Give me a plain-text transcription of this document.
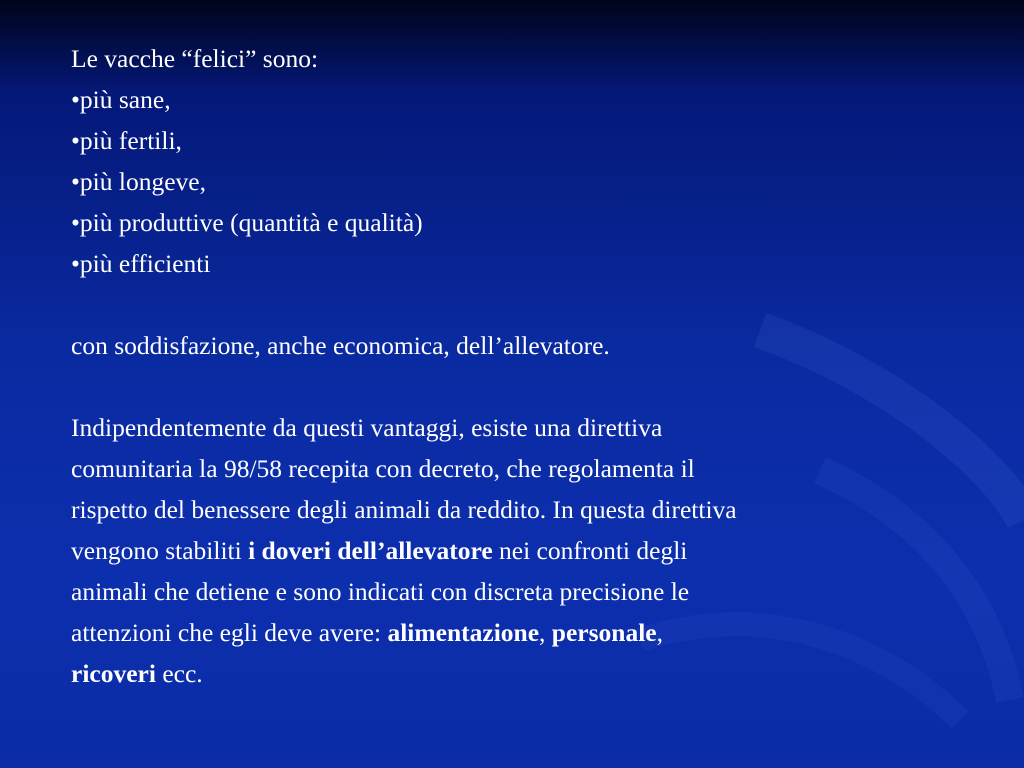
Le vacche “felici” sono:
•più sane,
•più fertili,
•più longeve,
•più produttive (quantità e qualità)
•più efficienti
con soddisfazione, anche economica, dell’allevatore.
Indipendentemente da questi vantaggi, esiste una direttiva
comunitaria la 98/58 recepita con decreto, che regolamenta il
rispetto del benessere degli animali da reddito. In questa direttiva
vengono stabiliti i doveri dell’allevatore nei confronti degli
animali che detiene e sono indicati con discreta precisione le
attenzioni che egli deve avere: alimentazione, personale,
ricoveri ecc.
